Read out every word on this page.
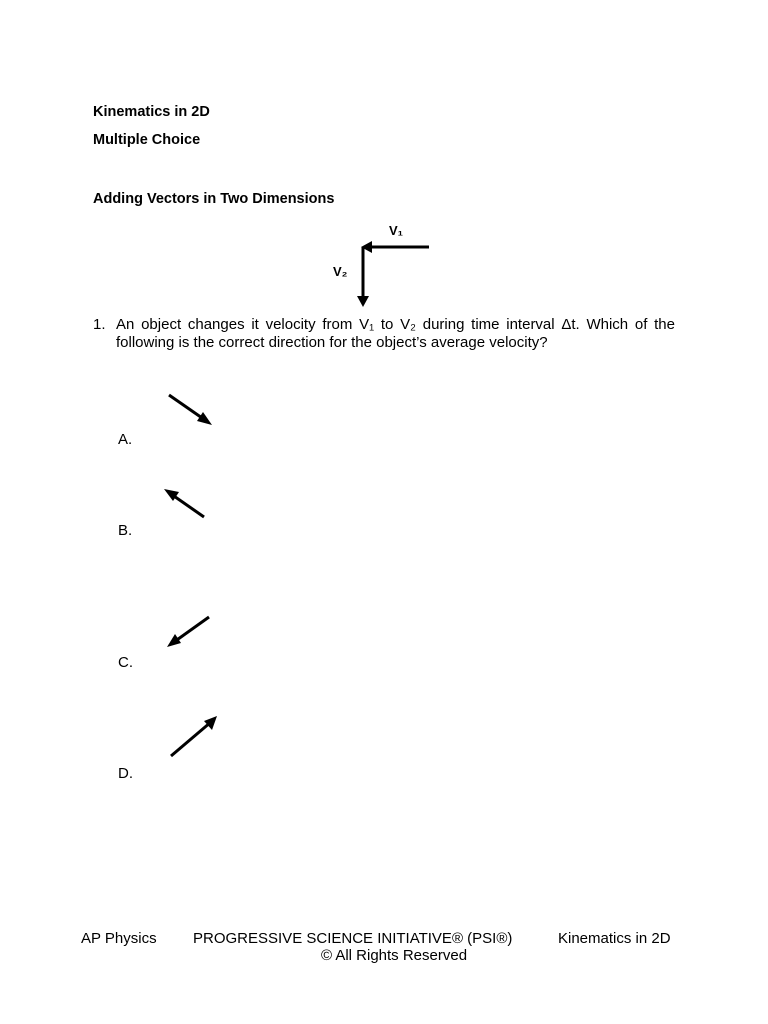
Kinematics in 2D
Multiple Choice
Adding Vectors in Two Dimensions
V₁
V₂
1. An object changes it velocity from V₁ to V₂ during time interval Δt. Which of the following is the correct direction for the object’s average velocity?
A.
B.
C.
D.
AP Physics PROGRESSIVE SCIENCE INITIATIVE® (PSI®)	Kinematics in 2D
© All Rights Reserved
